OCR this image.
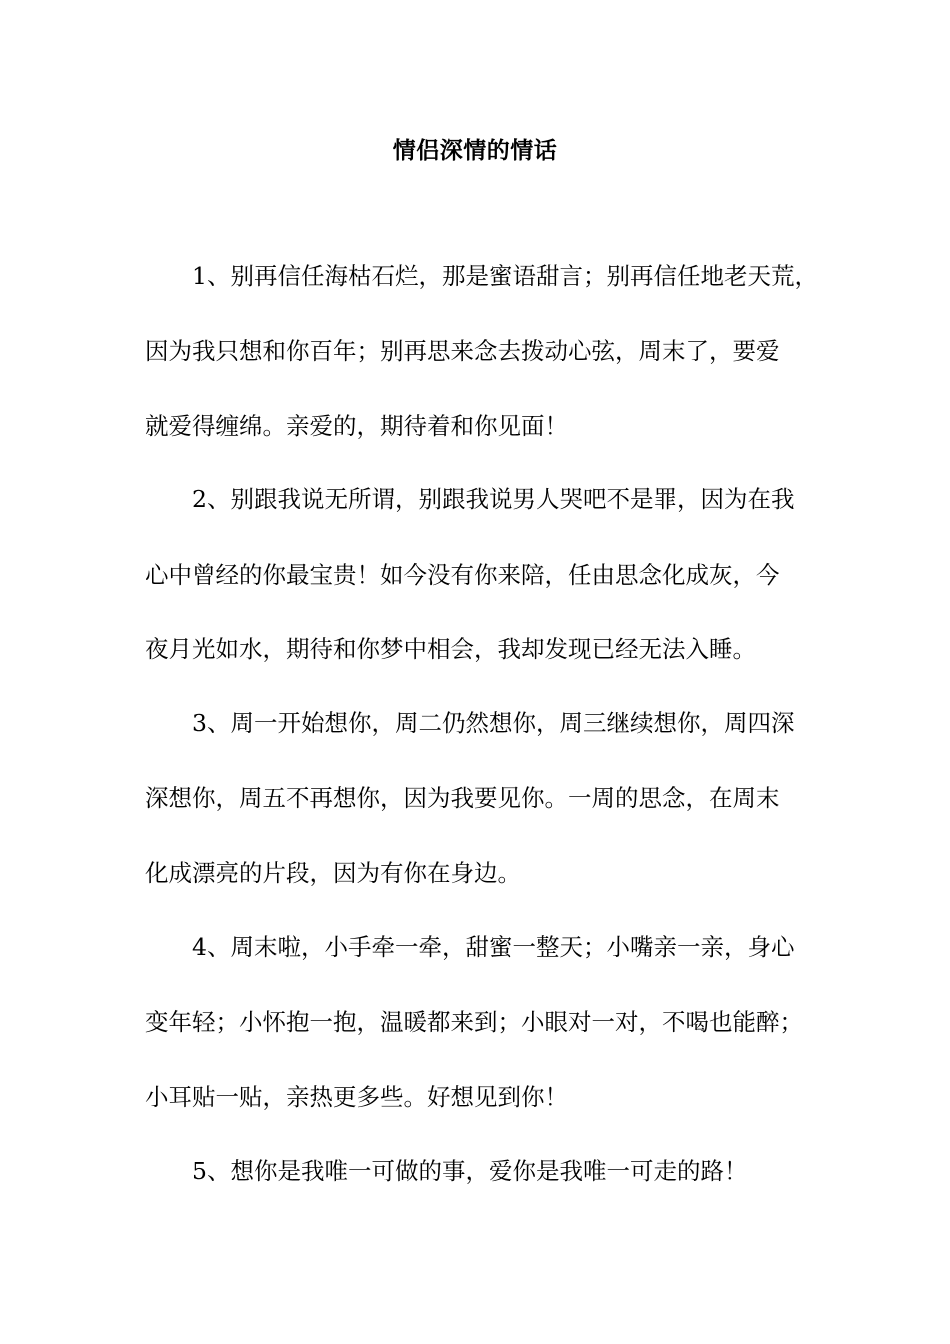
情侣深情的情话
1、别再信任海枯石烂，那是蜜语甜言；别再信任地老天荒，
因为我只想和你百年；别再思来念去拨动心弦，周末了，要爱
就爱得缠绵。亲爱的，期待着和你见面！
2、别跟我说无所谓，别跟我说男人哭吧不是罪，因为在我
心中曾经的你最宝贵！如今没有你来陪，任由思念化成灰，今
夜月光如水，期待和你梦中相会，我却发现已经无法入睡。
3、周一开始想你，周二仍然想你，周三继续想你，周四深
深想你，周五不再想你，因为我要见你。一周的思念，在周末
化成漂亮的片段，因为有你在身边。
4、周末啦，小手牵一牵，甜蜜一整天；小嘴亲一亲，身心
变年轻；小怀抱一抱，温暖都来到；小眼对一对，不喝也能醉；
小耳贴一贴，亲热更多些。好想见到你！
5、想你是我唯一可做的事，爱你是我唯一可走的路！
